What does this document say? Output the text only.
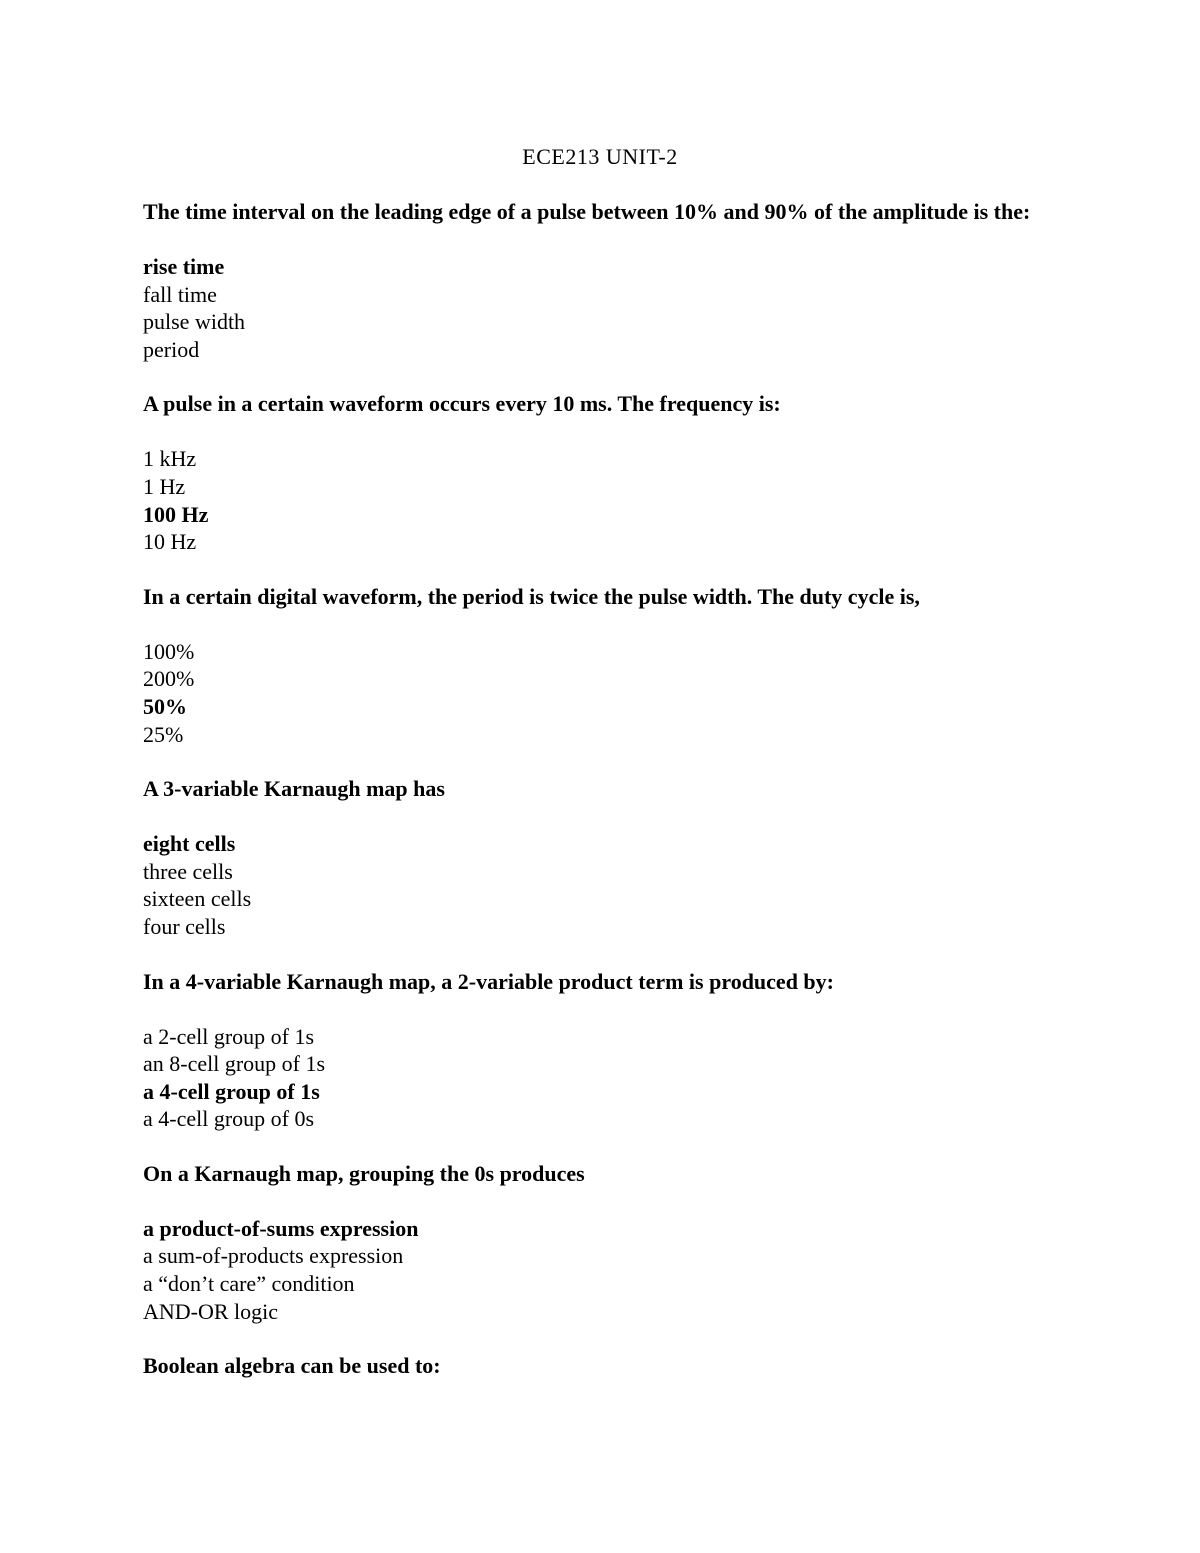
ECE213 UNIT-2
The time interval on the leading edge of a pulse between 10% and 90% of the amplitude is the:
rise time
fall time
pulse width
period
A pulse in a certain waveform occurs every 10 ms. The frequency is:
1 kHz
1 Hz
100 Hz
10 Hz
In a certain digital waveform, the period is twice the pulse width. The duty cycle is,
100%
200%
50%
25%
A 3-variable Karnaugh map has
eight cells
three cells
sixteen cells
four cells
In a 4-variable Karnaugh map, a 2-variable product term is produced by:
a 2-cell group of 1s
an 8-cell group of 1s
a 4-cell group of 1s
a 4-cell group of 0s
On a Karnaugh map, grouping the 0s produces
a product-of-sums expression
a sum-of-products expression
a “don’t care” condition
AND-OR logic
Boolean algebra can be used to:
